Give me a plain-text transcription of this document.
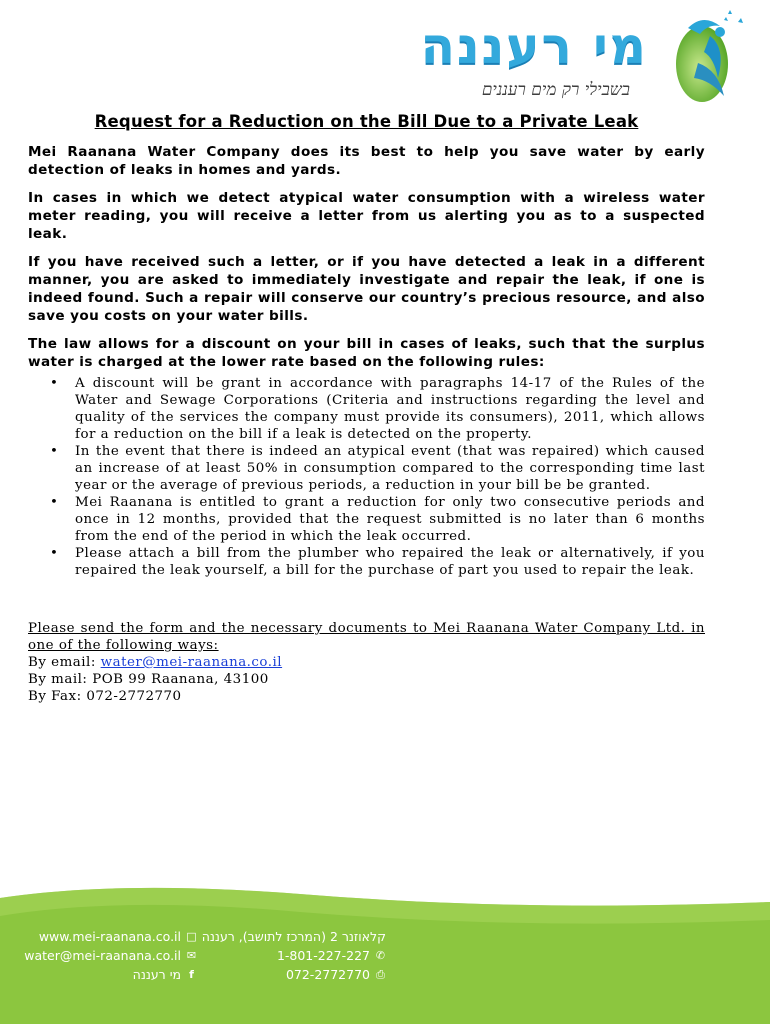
מי רעננה
בשבילי רק מים רעננים
Request for a Reduction on the Bill Due to a Private Leak

Mei Raanana Water Company does its best to help you save water by early detection of leaks in homes and yards.

In cases in which we detect atypical water consumption with a wireless water meter reading, you will receive a letter from us alerting you as to a suspected leak.

If you have received such a letter, or if you have detected a leak in a different manner, you are asked to immediately investigate and repair the leak, if one is indeed found. Such a repair will conserve our country’s precious resource, and also save you costs on your water bills.

The law allows for a discount on your bill in cases of leaks, such that the surplus water is charged at the lower rate based on the following rules:

• A discount will be grant in accordance with paragraphs 14-17 of the Rules of the Water and Sewage Corporations (Criteria and instructions regarding the level and quality of the services the company must provide its consumers), 2011, which allows for a reduction on the bill if a leak is detected on the property.
• In the event that there is indeed an atypical event (that was repaired) which caused an increase of at least 50% in consumption compared to the corresponding time last year or the average of previous periods, a reduction in your bill be be granted.
• Mei Raanana is entitled to grant a reduction for only two consecutive periods and once in 12 months, provided that the request submitted is no later than 6 months from the end of the period in which the leak occurred.
• Please attach a bill from the plumber who repaired the leak or alternatively, if you repaired the leak yourself, a bill for the purchase of part you used to repair the leak.
Please send the form and the necessary documents to Mei Raanana Water Company Ltd. in one of the following ways:
By email: water@mei-raanana.co.il
By mail: POB 99 Raanana, 43100
By Fax: 072-2772770
www.mei-raanana.co.il □
water@mei-raanana.co.il ✉
מי רעננה f
קלאוזנר 2 (המרכז לתושב), רעננה
1-801-227-227 ✆
072-2772770 ⎙
